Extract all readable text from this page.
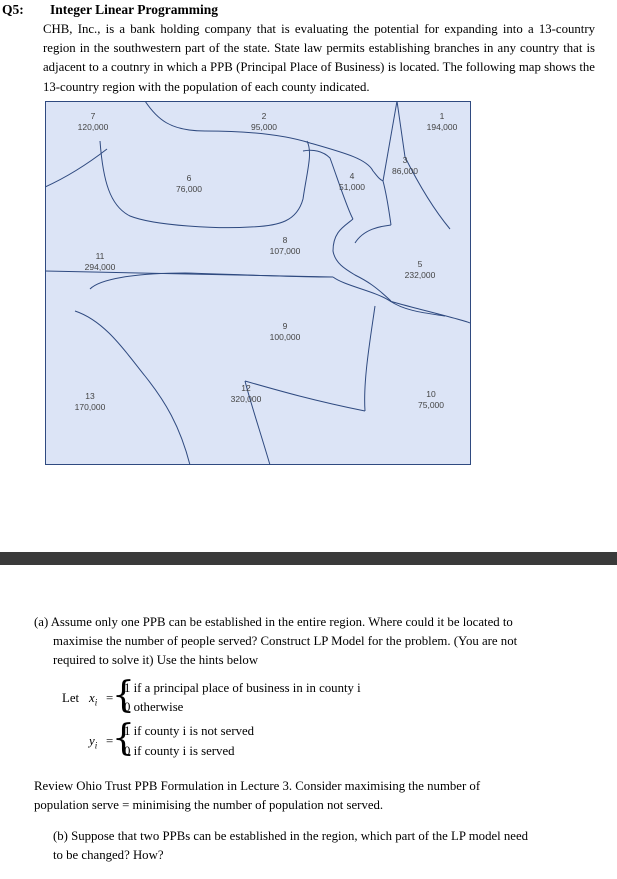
Q5: Integer Linear Programming
CHB, Inc., is a bank holding company that is evaluating the potential for expanding into a 13-country region in the southwestern part of the state. State law permits establishing branches in any country that is adjacent to a coutnry in which a PPB (Principal Place of Business) is located. The following map shows the 13-country region with the population of each county indicated.
7
120,000
2
95,000
1
194,000
3
86,000
6
76,000
4
51,000
8
107,000
11
294,000	5
232,000
9
100,000
13
170,000
12
320,000	10
75,000
(a) Assume only one PPB can be established in the entire region. Where could it be located to
maximise the number of people served? Construct LP Model for the problem. (You are not
required to solve it) Use the hints below
Let $x_i$ =
{
1 if a principal place of business in in county i
0 otherwise
$y_i$ =
{
1 if county i is not served
0 if county i is served
Review Ohio Trust PPB Formulation in Lecture 3. Consider maximising the number of
population serve = minimising the number of population not served.
(b) Suppose that two PPBs can be established in the region, which part of the LP model need
to be changed? How?
